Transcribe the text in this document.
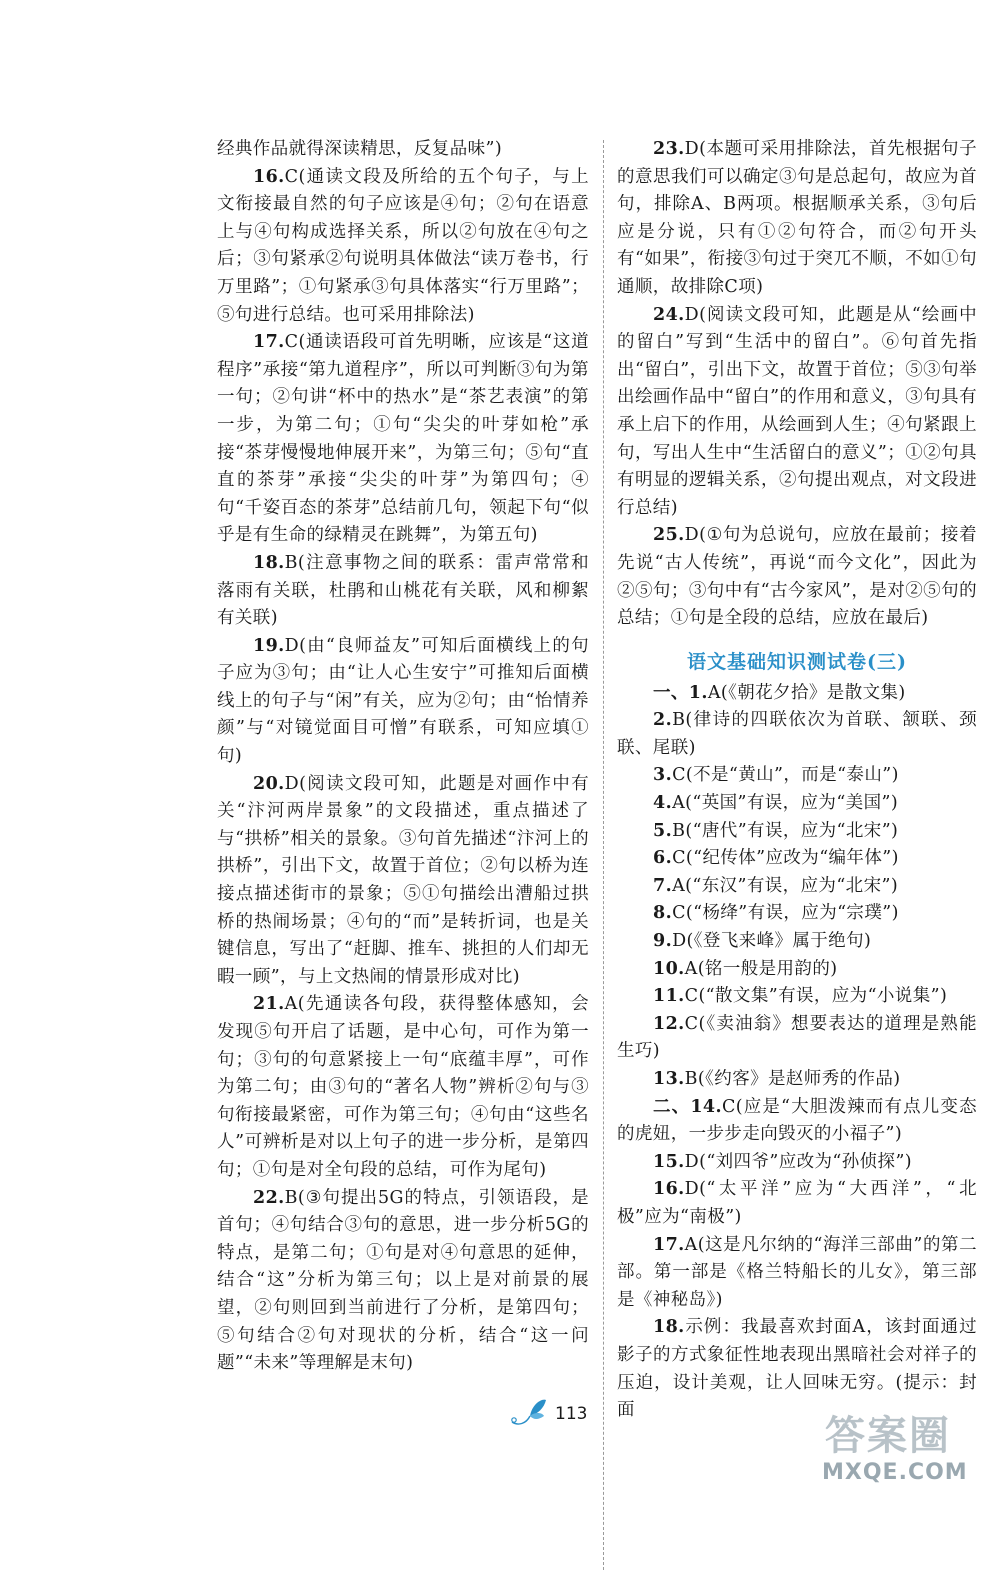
经典作品就得深读精思，反复品味”)
16.C(通读文段及所给的五个句子，与上文衔接最自然的句子应该是④句；②句在语意上与④句构成选择关系，所以②句放在④句之后；③句紧承②句说明具体做法“读万卷书，行万里路”；①句紧承③句具体落实“行万里路”；⑤句进行总结。也可采用排除法)
17.C(通读语段可首先明晰，应该是“这道程序”承接“第九道程序”，所以可判断③句为第一句；②句讲“杯中的热水”是“茶艺表演”的第一步，为第二句；①句“尖尖的叶芽如枪”承接“茶芽慢慢地伸展开来”，为第三句；⑤句“直直的茶芽”承接“尖尖的叶芽”为第四句；④句“千姿百态的茶芽”总结前几句，领起下句“似乎是有生命的绿精灵在跳舞”，为第五句)
18.B(注意事物之间的联系：雷声常常和落雨有关联，杜鹃和山桃花有关联，风和柳絮有关联)
19.D(由“良师益友”可知后面横线上的句子应为③句；由“让人心生安宁”可推知后面横线上的句子与“闲”有关，应为②句；由“怡情养颜”与“对镜觉面目可憎”有联系，可知应填①句)
20.D(阅读文段可知，此题是对画作中有关“汴河两岸景象”的文段描述，重点描述了与“拱桥”相关的景象。③句首先描述“汴河上的拱桥”，引出下文，故置于首位；②句以桥为连接点描述街市的景象；⑤①句描绘出漕船过拱桥的热闹场景；④句的“而”是转折词，也是关键信息，写出了“赶脚、推车、挑担的人们却无暇一顾”，与上文热闹的情景形成对比)
21.A(先通读各句段，获得整体感知，会发现⑤句开启了话题，是中心句，可作为第一句；③句的句意紧接上一句“底蕴丰厚”，可作为第二句；由③句的“著名人物”辨析②句与③句衔接最紧密，可作为第三句；④句由“这些名人”可辨析是对以上句子的进一步分析，是第四句；①句是对全句段的总结，可作为尾句)
22.B(③句提出5G的特点，引领语段，是首句；④句结合③句的意思，进一步分析5G的特点，是第二句；①句是对④句意思的延伸，结合“这”分析为第三句；以上是对前景的展望，②句则回到当前进行了分析，是第四句；⑤句结合②句对现状的分析，结合“这一问题”“未来”等理解是末句)
23.D(本题可采用排除法，首先根据句子的意思我们可以确定③句是总起句，故应为首句，排除A、B两项。根据顺承关系，③句后应是分说，只有①②句符合，而②句开头有“如果”，衔接③句过于突兀不顺，不如①句通顺，故排除C项)
24.D(阅读文段可知，此题是从“绘画中的留白”写到“生活中的留白”。⑥句首先指出“留白”，引出下文，故置于首位；⑤③句举出绘画作品中“留白”的作用和意义，③句具有承上启下的作用，从绘画到人生；④句紧跟上句，写出人生中“生活留白的意义”；①②句具有明显的逻辑关系，②句提出观点，对文段进行总结)
25.D(①句为总说句，应放在最前；接着先说“古人传统”，再说“而今文化”，因此为②⑤句；③句中有“古今家风”，是对②⑤句的总结；①句是全段的总结，应放在最后)
语文基础知识测试卷(三)
一、1.A(《朝花夕拾》是散文集)
2.B(律诗的四联依次为首联、颔联、颈联、尾联)
3.C(不是“黄山”，而是“泰山”)
4.A(“英国”有误，应为“美国”)
5.B(“唐代”有误，应为“北宋”)
6.C(“纪传体”应改为“编年体”)
7.A(“东汉”有误，应为“北宋”)
8.C(“杨绛”有误，应为“宗璞”)
9.D(《登飞来峰》属于绝句)
10.A(铭一般是用韵的)
11.C(“散文集”有误，应为“小说集”)
12.C(《卖油翁》想要表达的道理是熟能生巧)
13.B(《约客》是赵师秀的作品)
二、14.C(应是“大胆泼辣而有点儿变态的虎妞，一步步走向毁灭的小福子”)
15.D(“刘四爷”应改为“孙侦探”)
16.D(“太平洋”应为“大西洋”，“北极”应为“南极”)
17.A(这是凡尔纳的“海洋三部曲”的第二部。第一部是《格兰特船长的儿女》，第三部是《神秘岛》)
18.示例：我最喜欢封面A，该封面通过影子的方式象征性地表现出黑暗社会对祥子的压迫，设计美观，让人回味无穷。(提示：封面
113	答案圈
MXQE.COM
